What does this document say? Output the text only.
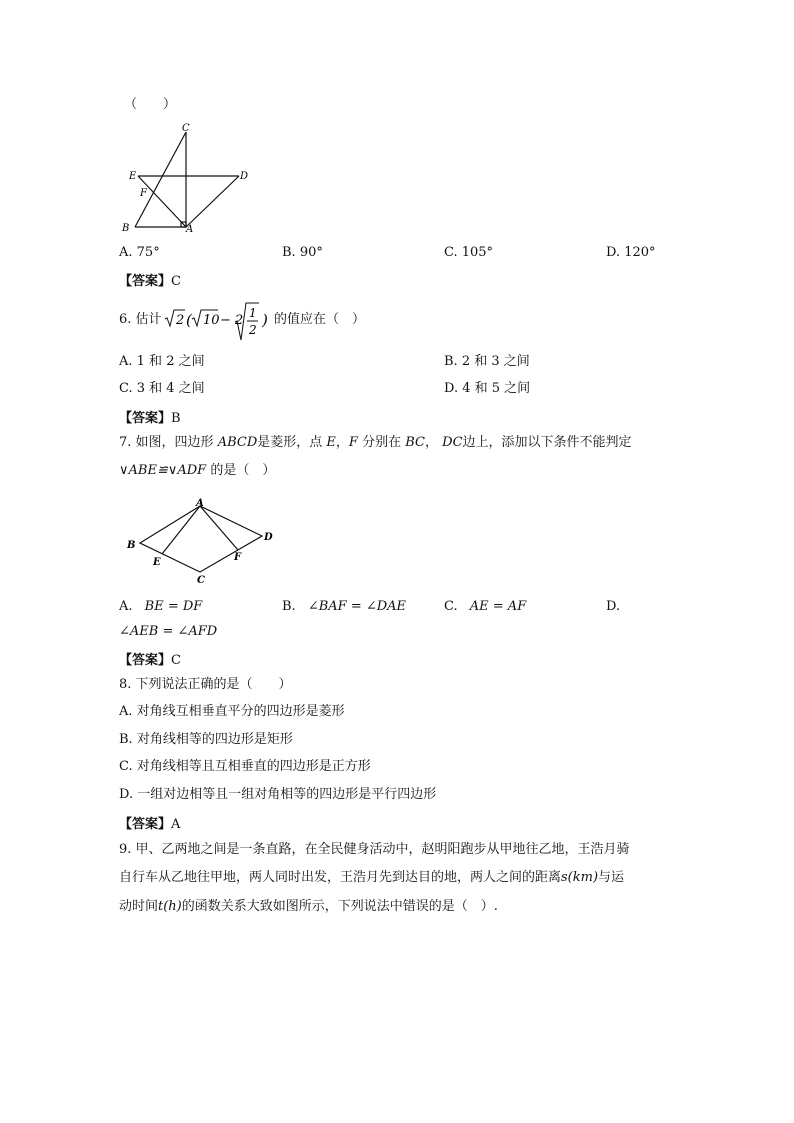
（　　）
C
E	D
F
B	A
A. 75°	B. 90°	C. 105°	D. 120°
【答案】C
6. 估计 2 ( 10 − 2 1
2
) 的值应在（　）
A. 1 和 2 之间	B. 2 和 3 之间
C. 3 和 4 之间	D. 4 和 5 之间
【答案】B
7. 如图，四边形 ABCD是菱形，点 E，F 分别在 BC， DC边上，添加以下条件不能判定
∨ABE≌∨ADF 的是（　）
A
B
D
E	F
C
A. BE = DF	B. ∠BAF = ∠DAE	C. AE = AF	D.
∠AEB = ∠AFD
【答案】C
8. 下列说法正确的是（　　）
A. 对角线互相垂直平分的四边形是菱形
B. 对角线相等的四边形是矩形
C. 对角线相等且互相垂直的四边形是正方形
D. 一组对边相等且一组对角相等的四边形是平行四边形
【答案】A
9. 甲、乙两地之间是一条直路，在全民健身活动中，赵明阳跑步从甲地往乙地，王浩月骑
自行车从乙地往甲地，两人同时出发，王浩月先到达目的地，两人之间的距离s(km)与运
动时间t(h)的函数关系大致如图所示，下列说法中错误的是（　）.
